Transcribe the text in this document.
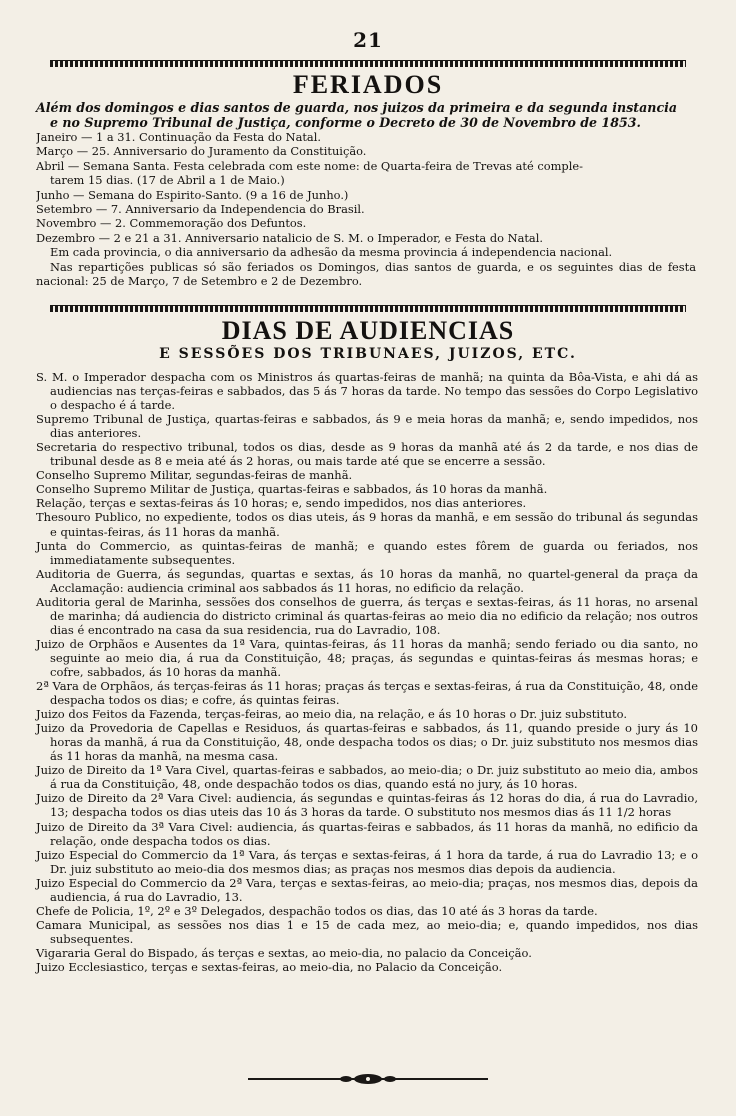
21
FERIADOS
Além dos domingos e dias santos de guarda, nos juizos da primeira e da segunda instancia
e no Supremo Tribunal de Justiça, conforme o Decreto de 30 de Novembro de 1853.
Janeiro — 1 a 31. Continuação da Festa do Natal.
Março — 25. Anniversario do Juramento da Constituição.
Abril — Semana Santa. Festa celebrada com este nome: de Quarta-feira de Trevas até comple-
tarem 15 dias. (17 de Abril a 1 de Maio.)
Junho — Semana do Espirito-Santo. (9 a 16 de Junho.)
Setembro — 7. Anniversario da Independencia do Brasil.
Novembro — 2. Commemoração dos Defuntos.
Dezembro — 2 e 21 a 31. Anniversario natalicio de S. M. o Imperador, e Festa do Natal.
Em cada provincia, o dia anniversario da adhesão da mesma provincia á independencia nacional.
Nas repartições publicas só são feriados os Domingos, dias santos de guarda, e os seguintes dias de festa nacional: 25 de Março, 7 de Setembro e 2 de Dezembro.
DIAS DE AUDIENCIAS
E SESSÕES DOS TRIBUNAES, JUIZOS, ETC.

S. M. o Imperador despacha com os Ministros ás quartas-feiras de manhã; na quinta da Bôa-Vista, e ahi dá as audiencias nas terças-feiras e sabbados, das 5 ás 7 horas da tarde. No tempo das sessões do Corpo Legislativo o despacho é á tarde.

Supremo Tribunal de Justiça, quartas-feiras e sabbados, ás 9 e meia horas da manhã; e, sendo impedidos, nos dias anteriores.

Secretaria do respectivo tribunal, todos os dias, desde as 9 horas da manhã até ás 2 da tarde, e nos dias de tribunal desde as 8 e meia até ás 2 horas, ou mais tarde até que se encerre a sessão.

Conselho Supremo Militar, segundas-feiras de manhã.

Conselho Supremo Militar de Justiça, quartas-feiras e sabbados, ás 10 horas da manhã.

Relação, terças e sextas-feiras ás 10 horas; e, sendo impedidos, nos dias anteriores.

Thesouro Publico, no expediente, todos os dias uteis, ás 9 horas da manhã, e em sessão do tribunal ás segundas e quintas-feiras, ás 11 horas da manhã.

Junta do Commercio, as quintas-feiras de manhã; e quando estes fôrem de guarda ou feriados, nos immediatamente subsequentes.

Auditoria de Guerra, ás segundas, quartas e sextas, ás 10 horas da manhã, no quartel-general da praça da Acclamação: audiencia criminal aos sabbados ás 11 horas, no edificio da relação.

Auditoria geral de Marinha, sessões dos conselhos de guerra, ás terças e sextas-feiras, ás 11 horas, no arsenal de marinha; dá audiencia do districto criminal ás quartas-feiras ao meio dia no edificio da relação; nos outros dias é encontrado na casa da sua residencia, rua do Lavradio, 108.

Juizo de Orphãos e Ausentes da 1ª Vara, quintas-feiras, ás 11 horas da manhã; sendo feriado ou dia santo, no seguinte ao meio dia, á rua da Constituição, 48; praças, ás segundas e quintas-feiras ás mesmas horas; e cofre, sabbados, ás 10 horas da manhã.

2ª Vara de Orphãos, ás terças-feiras ás 11 horas; praças ás terças e sextas-feiras, á rua da Constituição, 48, onde despacha todos os dias; e cofre, ás quintas feiras.

Juizo dos Feitos da Fazenda, terças-feiras, ao meio dia, na relação, e ás 10 horas o Dr. juiz substituto.

Juizo da Provedoria de Capellas e Residuos, ás quartas-feiras e sabbados, ás 11, quando preside o jury ás 10 horas da manhã, á rua da Constituição, 48, onde despacha todos os dias; o Dr. juiz substituto nos mesmos dias ás 11 horas da manhã, na mesma casa.

Juizo de Direito da 1ª Vara Civel, quartas-feiras e sabbados, ao meio-dia; o Dr. juiz substituto ao meio dia, ambos á rua da Constituição, 48, onde despachão todos os dias, quando está no jury, ás 10 horas.

Juizo de Direito da 2ª Vara Civel: audiencia, ás segundas e quintas-feiras ás 12 horas do dia, á rua do Lavradio, 13; despacha todos os dias uteis das 10 ás 3 horas da tarde. O substituto nos mesmos dias ás 11 1/2 horas

Juizo de Direito da 3ª Vara Civel: audiencia, ás quartas-feiras e sabbados, ás 11 horas da manhã, no edificio da relação, onde despacha todos os dias.

Juizo Especial do Commercio da 1ª Vara, ás terças e sextas-feiras, á 1 hora da tarde, á rua do Lavradio 13; e o Dr. juiz substituto ao meio-dia dos mesmos dias; as praças nos mesmos dias depois da audiencia.

Juizo Especial do Commercio da 2ª Vara, terças e sextas-feiras, ao meio-dia; praças, nos mesmos dias, depois da audiencia, á rua do Lavradio, 13.

Chefe de Policia, 1º, 2º e 3º Delegados, despachão todos os dias, das 10 até ás 3 horas da tarde.

Camara Municipal, as sessões nos dias 1 e 15 de cada mez, ao meio-dia; e, quando impedidos, nos dias subsequentes.

Vigararia Geral do Bispado, ás terças e sextas, ao meio-dia, no palacio da Conceição.

Juizo Ecclesiastico, terças e sextas-feiras, ao meio-dia, no Palacio da Conceição.
